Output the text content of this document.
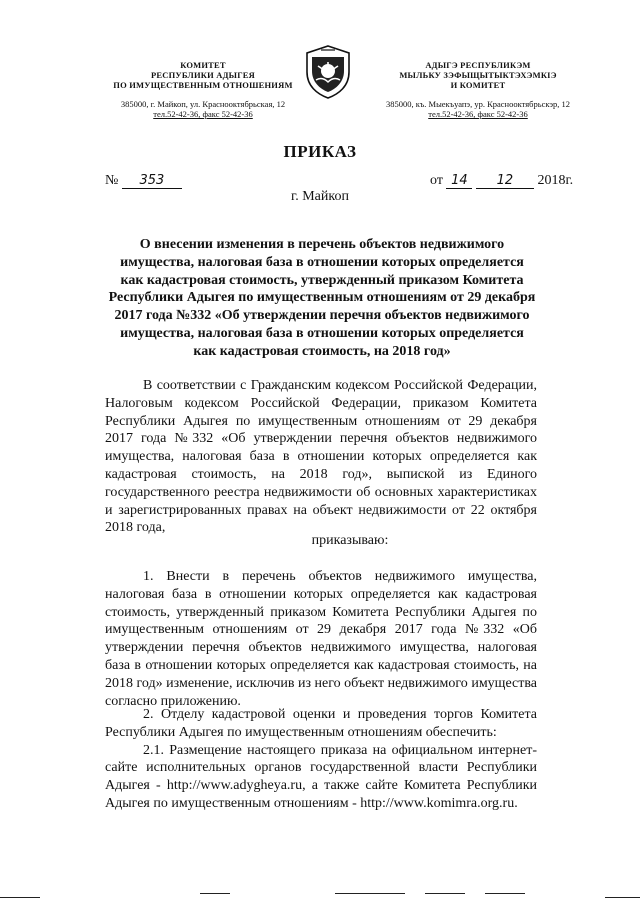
КОМИТЕТ
РЕСПУБЛИКИ АДЫГЕЯ
ПО ИМУЩЕСТВЕННЫМ ОТНОШЕНИЯМ
385000, г. Майкоп, ул. Краснооктябрьская, 12
тел.52-42-36, факс 52-42-36
АДЫГЭ РЕСПУБЛИКЭМ
МЫЛЬКУ ЗЭФЫЩЫТЫКТЭХЭМКIЭ
И КОМИТЕТ
385000, къ. Мыекъуапэ, ур. Краснооктябрьскэр, 12
тел.52-42-36, факс 52-42-36
ПРИКАЗ
№ 353	от 14 12 2018г.
г. Майкоп
О внесении изменения в перечень объектов недвижимого имущества, налоговая база в отношении которых определяется как кадастровая стоимость, утвержденный приказом Комитета Республики Адыгея по имущественным отношениям от 29 декабря 2017 года №332 «Об утверждении перечня объектов недвижимого имущества, налоговая база в отношении которых определяется как кадастровая стоимость, на 2018 год»

В соответствии с Гражданским кодексом Российской Федерации, Налоговым кодексом Российской Федерации, приказом Комитета Республики Адыгея по имущественным отношениям от 29 декабря 2017 года №332 «Об утверждении перечня объектов недвижимого имущества, налоговая база в отношении которых определяется как кадастровая стоимость, на 2018 год», выпиской из Единого государственного реестра недвижимости об основных характеристиках и зарегистрированных правах на объект недвижимости от 22 октября 2018 года,

приказываю:

1. Внести в перечень объектов недвижимого имущества, налоговая база в отношении которых определяется как кадастровая стоимость, утвержденный приказом Комитета Республики Адыгея по имущественным отношениям от 29 декабря 2017 года №332 «Об утверждении перечня объектов недвижимого имущества, налоговая база в отношении которых определяется как кадастровая стоимость, на 2018 год» изменение, исключив из него объект недвижимого имущества согласно приложению.

2. Отделу кадастровой оценки и проведения торгов Комитета Республики Адыгея по имущественным отношениям обеспечить:

2.1. Размещение настоящего приказа на официальном интернет-сайте исполнительных органов государственной власти Республики Адыгея - http://www.adygheya.ru, а также сайте Комитета Республики Адыгея по имущественным отношениям - http://www.komimra.org.ru.
